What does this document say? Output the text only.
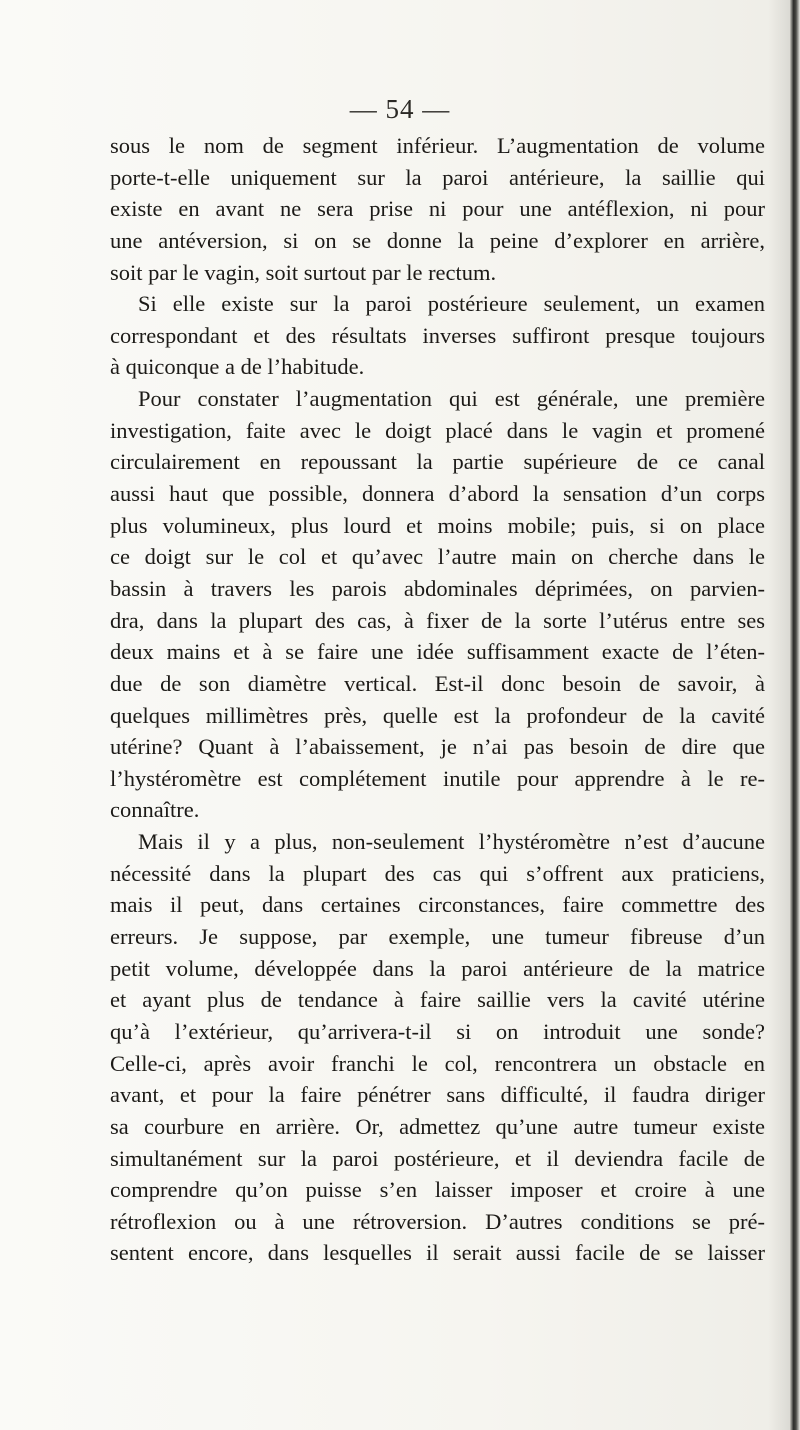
— 54 —
sous le nom de segment inférieur. L’augmentation de volume
porte-t-elle uniquement sur la paroi antérieure, la saillie qui
existe en avant ne sera prise ni pour une antéflexion, ni pour
une antéversion, si on se donne la peine d’explorer en arrière,
soit par le vagin, soit surtout par le rectum.
Si elle existe sur la paroi postérieure seulement, un examen
correspondant et des résultats inverses suffiront presque toujours
à quiconque a de l’habitude.
Pour constater l’augmentation qui est générale, une première
investigation, faite avec le doigt placé dans le vagin et promené
circulairement en repoussant la partie supérieure de ce canal
aussi haut que possible, donnera d’abord la sensation d’un corps
plus volumineux, plus lourd et moins mobile; puis, si on place
ce doigt sur le col et qu’avec l’autre main on cherche dans le
bassin à travers les parois abdominales déprimées, on parvien-
dra, dans la plupart des cas, à fixer de la sorte l’utérus entre ses
deux mains et à se faire une idée suffisamment exacte de l’éten-
due de son diamètre vertical. Est-il donc besoin de savoir, à
quelques millimètres près, quelle est la profondeur de la cavité
utérine? Quant à l’abaissement, je n’ai pas besoin de dire que
l’hystéromètre est complétement inutile pour apprendre à le re-
connaître.
Mais il y a plus, non-seulement l’hystéromètre n’est d’aucune
nécessité dans la plupart des cas qui s’offrent aux praticiens,
mais il peut, dans certaines circonstances, faire commettre des
erreurs. Je suppose, par exemple, une tumeur fibreuse d’un
petit volume, développée dans la paroi antérieure de la matrice
et ayant plus de tendance à faire saillie vers la cavité utérine
qu’à l’extérieur, qu’arrivera-t-il si on introduit une sonde?
Celle-ci, après avoir franchi le col, rencontrera un obstacle en
avant, et pour la faire pénétrer sans difficulté, il faudra diriger
sa courbure en arrière. Or, admettez qu’une autre tumeur existe
simultanément sur la paroi postérieure, et il deviendra facile de
comprendre qu’on puisse s’en laisser imposer et croire à une
rétroflexion ou à une rétroversion. D’autres conditions se pré-
sentent encore, dans lesquelles il serait aussi facile de se laisser
